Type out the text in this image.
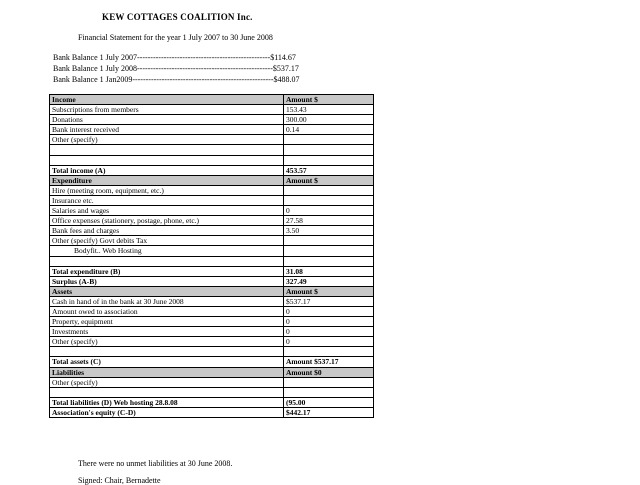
KEW COTTAGES COALITION Inc.
Financial Statement for the year 1 July 2007 to 30 June 2008
Bank Balance 1 July 2007--------------------------------------------------$114.67
Bank Balance 1 July 2008---------------------------------------------------$537.17
Bank Balance 1 Jan2009-----------------------------------------------------$488.07
Income	Amount $
Subscriptions from members	153.43
Donations	300.00
Bank interest received	0.14
Other (specify)	

Total income (A)	453.57
Expenditure	Amount $
Hire (meeting room, equipment, etc.)	
Insurance etc.	
Salaries and wages	0
Office expenses (stationery, postage, phone, etc.)	27.58
Bank fees and charges	3.50
Other (specify) Govt debits Tax	
Bodyfit.. Web Hosting	

Total expenditure (B)	31.08
Surplus (A-B)	327.49
Assets	Amount $
Cash in hand of in the bank at 30 June 2008	$537.17
Amount owed to association	0
Property, equipment	0
Investments	0
Other (specify)	0

Total assets (C)	Amount $537.17
Liabilities	Amount $0
Other (specify)	

Total liabilities (D) Web hosting 28.8.08	(95.00
Association's equity (C-D)	$442.17
There were no unmet liabilities at 30 June 2008.
Signed: Chair, Bernadette
